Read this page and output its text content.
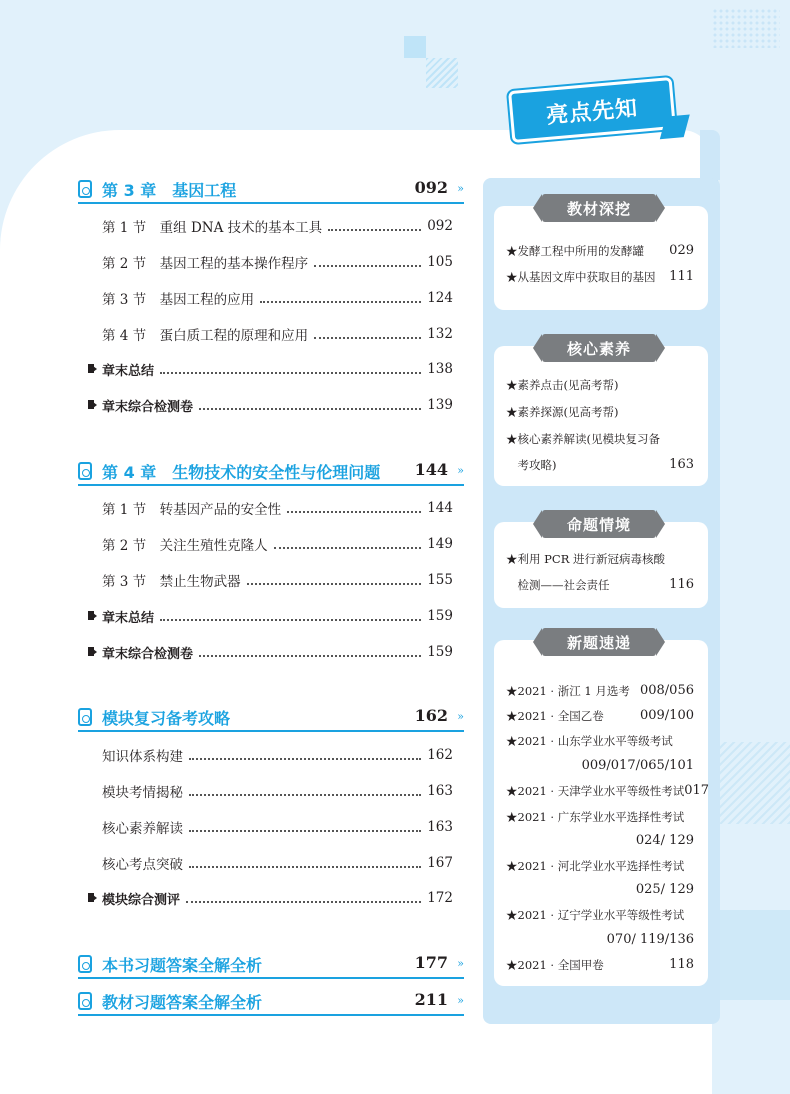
亮点先知
教材深挖
★发酵工程中所用的发酵罐 029
★从基因文库中获取目的基因 111
核心素养
★素养点击(见高考帮)
★素养探源(见高考帮)
★核心素养解读(见模块复习备
　考攻略)	163
命题情境
★利用 PCR 进行新冠病毒核酸
　检测——社会责任	116
新题速递
★2021 · 浙江 1 月选考 008/056
★2021 · 全国乙卷	009/100
★2021 · 山东学业水平等级考试
009/017/065/101
★2021 · 天津学业水平等级性考试 017
★2021 · 广东学业水平选择性考试
024/ 129
★2021 · 河北学业水平选择性考试
025/ 129
★2021 · 辽宁学业水平等级性考试
070/ 119/136
★2021 · 全国甲卷	118
第 3 章　基因工程	092 »
第 1 节　重组 DNA 技术的基本工具	092
第 2 节　基因工程的基本操作程序	105
第 3 节　基因工程的应用	124
第 4 节　蛋白质工程的原理和应用	132
章末总结	138
章末综合检测卷	139
第 4 章　生物技术的安全性与伦理问题 144 »
第 1 节　转基因产品的安全性	144
第 2 节　关注生殖性克隆人	149
第 3 节　禁止生物武器	155
章末总结	159
章末综合检测卷	159
模块复习备考攻略	162 »
知识体系构建	162
模块考情揭秘	163
核心素养解读	163
核心考点突破	167
模块综合测评	172
本书习题答案全解全析	177 »
教材习题答案全解全析	211 »
